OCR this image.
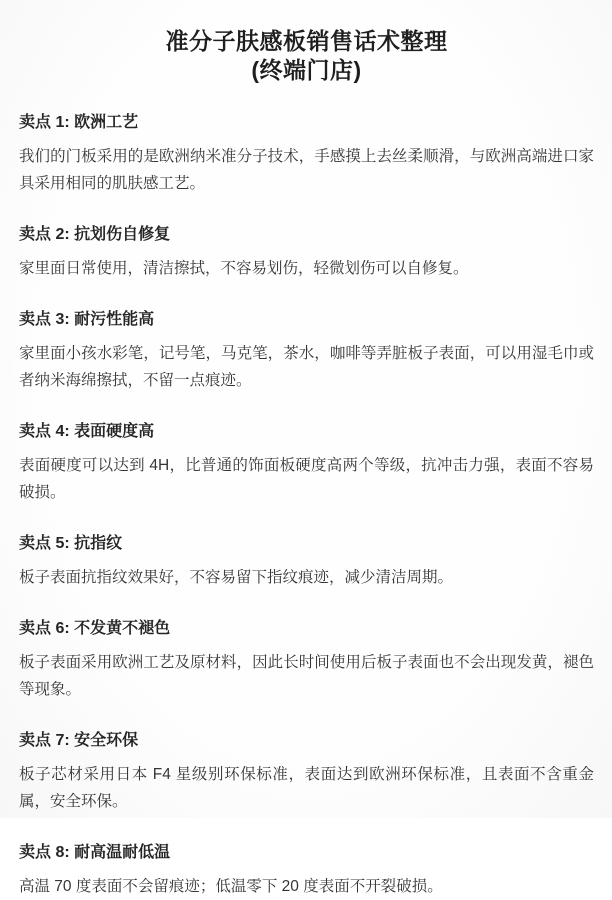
准分子肤感板销售话术整理
(终端门店)
卖点 1: 欧洲工艺

我们的门板采用的是欧洲纳米准分子技术，手感摸上去丝柔顺滑，与欧洲高端进口家具采用相同的肌肤感工艺。

卖点 2: 抗划伤自修复

家里面日常使用，清洁擦拭，不容易划伤，轻微划伤可以自修复。

卖点 3: 耐污性能高

家里面小孩水彩笔，记号笔，马克笔，茶水，咖啡等弄脏板子表面，可以用湿毛巾或者纳米海绵擦拭，不留一点痕迹。

卖点 4: 表面硬度高

表面硬度可以达到 4H，比普通的饰面板硬度高两个等级，抗冲击力强，表面不容易破损。

卖点 5: 抗指纹

板子表面抗指纹效果好，不容易留下指纹痕迹，减少清洁周期。

卖点 6: 不发黄不褪色

板子表面采用欧洲工艺及原材料，因此长时间使用后板子表面也不会出现发黄，褪色等现象。

卖点 7: 安全环保

板子芯材采用日本 F4 星级别环保标准，表面达到欧洲环保标准，且表面不含重金属，安全环保。

卖点 8: 耐高温耐低温

高温 70 度表面不会留痕迹；低温零下 20 度表面不开裂破损。
